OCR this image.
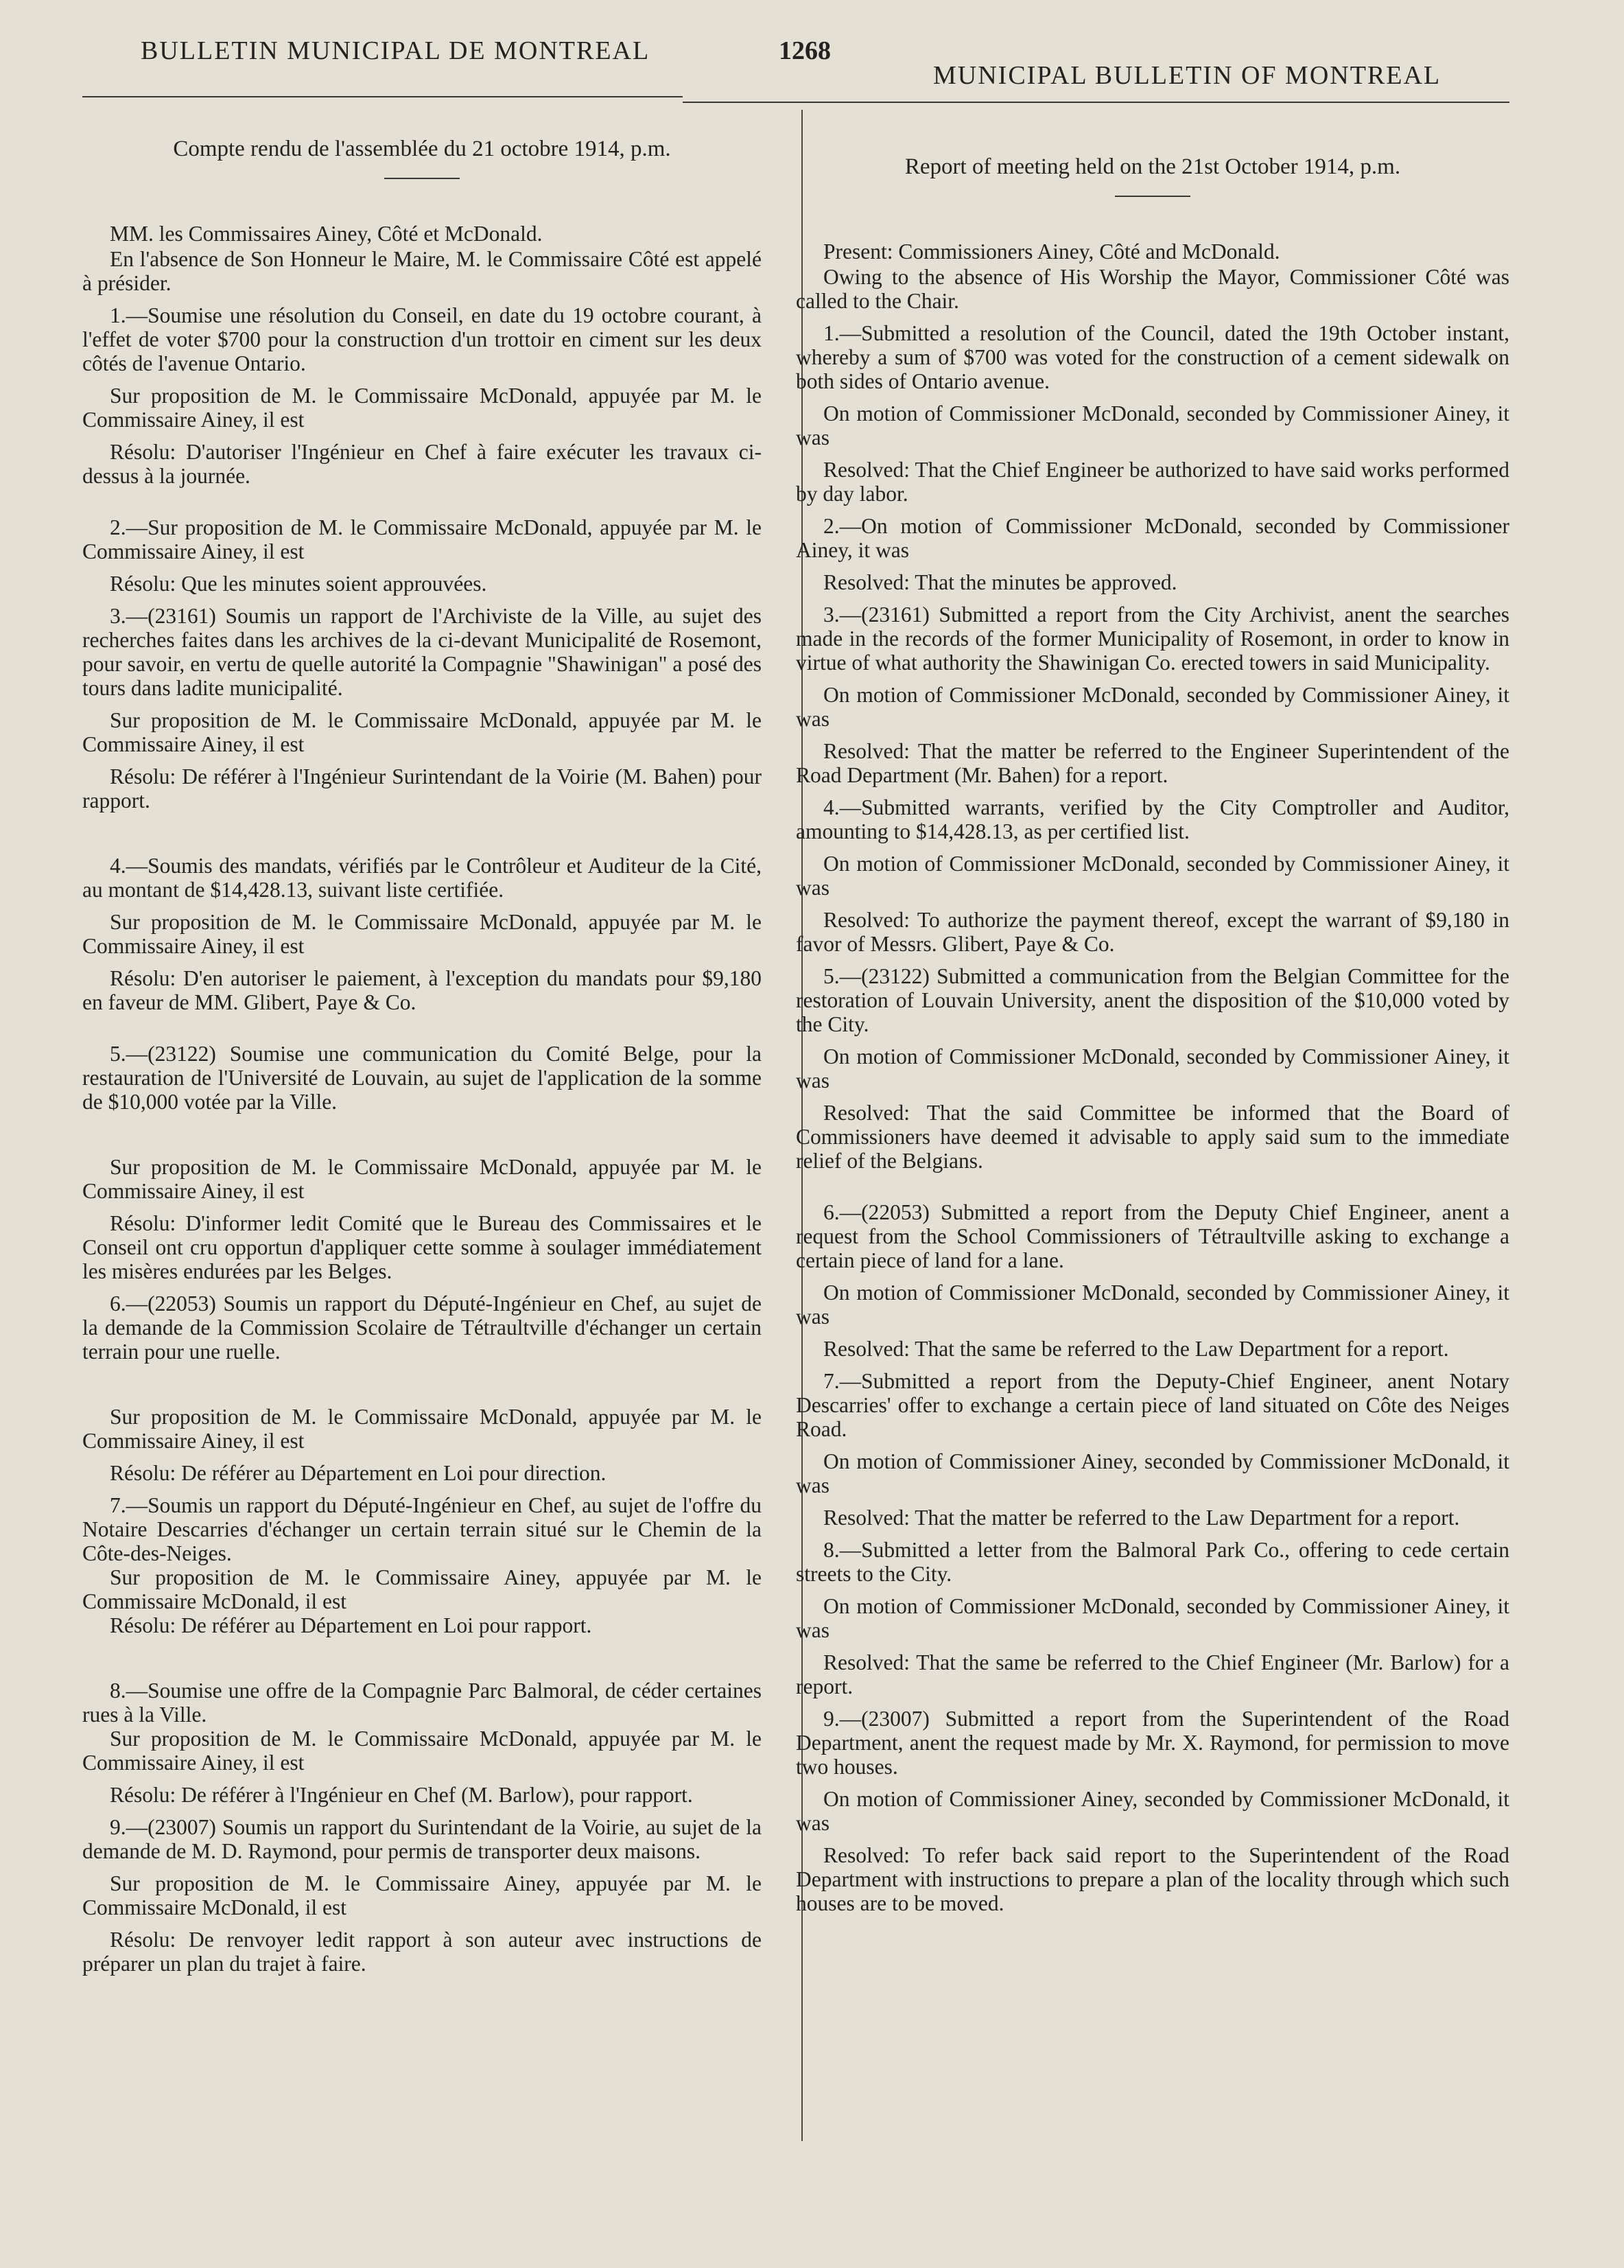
BULLETIN MUNICIPAL DE MONTREAL	1268
MUNICIPAL BULLETIN OF MONTREAL
Compte rendu de l'assemblée du 21 octobre 1914, p.m.

MM. les Commissaires Ainey, Côté et McDonald.

En l'absence de Son Honneur le Maire, M. le Commissaire Côté est appelé à présider.

1.—Soumise une résolution du Conseil, en date du 19 octobre courant, à l'effet de voter $700 pour la construction d'un trottoir en ciment sur les deux côtés de l'avenue Ontario.

Sur proposition de M. le Commissaire McDonald, appuyée par M. le Commissaire Ainey, il est

Résolu: D'autoriser l'Ingénieur en Chef à faire exécuter les travaux ci-dessus à la journée.

2.—Sur proposition de M. le Commissaire McDonald, appuyée par M. le Commissaire Ainey, il est

Résolu: Que les minutes soient approuvées.

3.—(23161) Soumis un rapport de l'Archiviste de la Ville, au sujet des recherches faites dans les archives de la ci-devant Municipalité de Rosemont, pour savoir, en vertu de quelle autorité la Compagnie "Shawinigan" a posé des tours dans ladite municipalité.

Sur proposition de M. le Commissaire McDonald, appuyée par M. le Commissaire Ainey, il est

Résolu: De référer à l'Ingénieur Surintendant de la Voirie (M. Bahen) pour rapport.

4.—Soumis des mandats, vérifiés par le Contrôleur et Auditeur de la Cité, au montant de $14,428.13, suivant liste certifiée.

Sur proposition de M. le Commissaire McDonald, appuyée par M. le Commissaire Ainey, il est

Résolu: D'en autoriser le paiement, à l'exception du mandats pour $9,180 en faveur de MM. Glibert, Paye & Co.

5.—(23122) Soumise une communication du Comité Belge, pour la restauration de l'Université de Louvain, au sujet de l'application de la somme de $10,000 votée par la Ville.

Sur proposition de M. le Commissaire McDonald, appuyée par M. le Commissaire Ainey, il est

Résolu: D'informer ledit Comité que le Bureau des Commissaires et le Conseil ont cru opportun d'appliquer cette somme à soulager immédiatement les misères endurées par les Belges.

6.—(22053) Soumis un rapport du Député-Ingénieur en Chef, au sujet de la demande de la Commission Scolaire de Tétraultville d'échanger un certain terrain pour une ruelle.

Sur proposition de M. le Commissaire McDonald, appuyée par M. le Commissaire Ainey, il est

Résolu: De référer au Département en Loi pour direction.

7.—Soumis un rapport du Député-Ingénieur en Chef, au sujet de l'offre du Notaire Descarries d'échanger un certain terrain situé sur le Chemin de la Côte-des-Neiges.

Sur proposition de M. le Commissaire Ainey, appuyée par M. le Commissaire McDonald, il est

Résolu: De référer au Département en Loi pour rapport.

8.—Soumise une offre de la Compagnie Parc Balmoral, de céder certaines rues à la Ville.

Sur proposition de M. le Commissaire McDonald, appuyée par M. le Commissaire Ainey, il est

Résolu: De référer à l'Ingénieur en Chef (M. Barlow), pour rapport.

9.—(23007) Soumis un rapport du Surintendant de la Voirie, au sujet de la demande de M. D. Raymond, pour permis de transporter deux maisons.

Sur proposition de M. le Commissaire Ainey, appuyée par M. le Commissaire McDonald, il est

Résolu: De renvoyer ledit rapport à son auteur avec instructions de préparer un plan du trajet à faire.

Report of meeting held on the 21st October 1914, p.m.

Present: Commissioners Ainey, Côté and McDonald.

Owing to the absence of His Worship the Mayor, Commissioner Côté was called to the Chair.

1.—Submitted a resolution of the Council, dated the 19th October instant, whereby a sum of $700 was voted for the construction of a cement sidewalk on both sides of Ontario avenue.

On motion of Commissioner McDonald, seconded by Commissioner Ainey, it was

Resolved: That the Chief Engineer be authorized to have said works performed by day labor.

2.—On motion of Commissioner McDonald, seconded by Commissioner Ainey, it was

Resolved: That the minutes be approved.

3.—(23161) Submitted a report from the City Archivist, anent the searches made in the records of the former Municipality of Rosemont, in order to know in virtue of what authority the Shawinigan Co. erected towers in said Municipality.

On motion of Commissioner McDonald, seconded by Commissioner Ainey, it was

Resolved: That the matter be referred to the Engineer Superintendent of the Road Department (Mr. Bahen) for a report.

4.—Submitted warrants, verified by the City Comptroller and Auditor, amounting to $14,428.13, as per certified list.

On motion of Commissioner McDonald, seconded by Commissioner Ainey, it was

Resolved: To authorize the payment thereof, except the warrant of $9,180 in favor of Messrs. Glibert, Paye & Co.

5.—(23122) Submitted a communication from the Belgian Committee for the restoration of Louvain University, anent the disposition of the $10,000 voted by the City.

On motion of Commissioner McDonald, seconded by Commissioner Ainey, it was

Resolved: That the said Committee be informed that the Board of Commissioners have deemed it advisable to apply said sum to the immediate relief of the Belgians.

6.—(22053) Submitted a report from the Deputy Chief Engineer, anent a request from the School Commissioners of Tétraultville asking to exchange a certain piece of land for a lane.

On motion of Commissioner McDonald, seconded by Commissioner Ainey, it was

Resolved: That the same be referred to the Law Department for a report.

7.—Submitted a report from the Deputy-Chief Engineer, anent Notary Descarries' offer to exchange a certain piece of land situated on Côte des Neiges Road.

On motion of Commissioner Ainey, seconded by Commissioner McDonald, it was

Resolved: That the matter be referred to the Law Department for a report.

8.—Submitted a letter from the Balmoral Park Co., offering to cede certain streets to the City.

On motion of Commissioner McDonald, seconded by Commissioner Ainey, it was

Resolved: That the same be referred to the Chief Engineer (Mr. Barlow) for a report.

9.—(23007) Submitted a report from the Superintendent of the Road Department, anent the request made by Mr. X. Raymond, for permission to move two houses.

On motion of Commissioner Ainey, seconded by Commissioner McDonald, it was

Resolved: To refer back said report to the Superintendent of the Road Department with instructions to prepare a plan of the locality through which such houses are to be moved.
